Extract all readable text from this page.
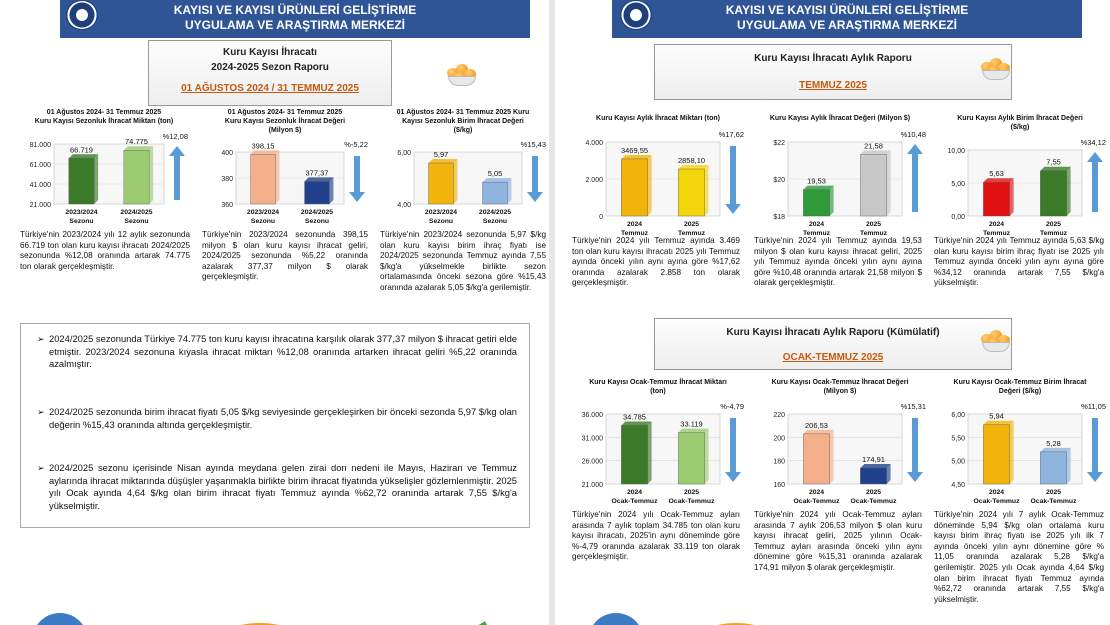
KAYISI VE KAYISI ÜRÜNLERİ GELİŞTİRME
UYGULAMA VE ARAŞTIRMA MERKEZİ
Kuru Kayısı İhracatı
2024-2025 Sezon Raporu
01 AĞUSTOS 2024 / 31 TEMMUZ 2025
01 Ağustos 2024- 31 Temmuz 2025
Kuru Kayısı Sezonluk İhracat Miktarı (ton)
81.000
61.000
41.000
21.000
66.719
2023/2024
Sezonu
74.775
2024/2025
Sezonu
%12,08
Türkiye'nin 2023/2024 yılı 12 aylık sezonunda 66.719 ton olan kuru kayısı ihracatı 2024/2025 sezonunda %12,08 oranında artarak 74.775 ton olarak gerçekleşmiştir.
01 Ağustos 2024- 31 Temmuz 2025
Kuru Kayısı Sezonluk İhracat Değeri
(Milyon $)
400
380
360
398,15
2023/2024
Sezonu
377,37
2024/2025
Sezonu
%-5,22
Türkiye'nin 2023/2024 sezonunda 398,15 milyon $ olan kuru kayısı ihracat geliri, 2024/2025 sezonunda %5,22 oranında azalarak 377,37 milyon $ olarak gerçekleşmiştir.
01 Ağustos 2024- 31 Temmuz 2025 Kuru
Kayısı Sezonluk Birim İhracat Değeri
($/kg)
6,00
4,00
5,97
2023/2024
Sezonu
5,05
2024/2025
Sezonu
%15,43
Türkiye'nin 2023/2024 sezonunda 5,97 $/kg olan kuru kayısı birim ihraç fiyatı ise 2024/2025 sezonunda Temmuz ayında 7,55 $/kg'a yükselmekle birlikte sezon ortalamasında önceki sezona göre %15,43 oranında azalarak 5,05 $/kg'a gerilemiştir.
➢ 2024/2025 sezonunda Türkiye 74.775 ton kuru kayısı ihracatına karşılık olarak 377,37 milyon $ ihracat getiri elde etmiştir. 2023/2024 sezonuna kıyasla ihracat miktarı %12,08 oranında artarken ihracat geliri %5,22 oranında azalmıştır.
➢ 2024/2025 sezonunda birim ihracat fiyatı 5,05 $/kg seviyesinde gerçekleşirken bir önceki sezonda 5,97 $/kg olan değerin %15,43 oranında altında gerçekleşmiştir.
➢ 2024/2025 sezonu içerisinde Nisan ayında meydana gelen zirai don nedeni ile Mayıs, Haziran ve Temmuz aylarında ihracat miktarında düşüşler yaşanmakla birlikte birim ihracat fiyatında yükselişler gözlemlenmiştir. 2025 yılı Ocak ayında 4,64 $/kg olan birim ihracat fiyatı Temmuz ayında %62,72 oranında artarak 7,55 $/kg'a yükselmiştir.
KAYISI VE KAYISI ÜRÜNLERİ GELİŞTİRME
UYGULAMA VE ARAŞTIRMA MERKEZİ
Kuru Kayısı İhracatı Aylık Raporu
TEMMUZ 2025
Kuru Kayısı İhracatı Aylık Raporu (Kümülatif)
OCAK-TEMMUZ 2025
Kuru Kayısı Aylık İhracat Miktarı (ton)
4.000
2.000
0
3469,55
2024
Temmuz
2858,10
2025
Temmuz
%17,62
Türkiye'nin 2024 yılı Temmuz ayında 3.469 ton olan kuru kayısı ihracatı 2025 yılı Temmuz ayında önceki yılın aynı ayına göre %17,62 oranında azalarak 2.858 ton olarak gerçekleşmiştir.
Kuru Kayısı Aylık İhracat Değeri (Milyon $)
$22
$20
$18
19,53
2024
Temmuz
21,58
2025
Temmuz
%10,48
Türkiye'nin 2024 yılı Temmuz ayında 19,53 milyon $ olan kuru kayısı ihracat geliri, 2025 yılı Temmuz ayında önceki yılın aynı ayına göre %10,48 oranında artarak 21,58 milyon $ olarak gerçekleşmiştir.
Kuru Kayısı Aylık Birim İhracat Değeri
($/kg)
10,00
5,00
0,00
5,63
2024
Temmuz
7,55
2025
Temmuz
%34,12
Türkiye'nin 2024 yılı Temmuz ayında 5,63 $/kg olan kuru kayısı birim ihraç fiyatı ise 2025 yılı Temmuz ayında önceki yılın aynı ayına göre %34,12 oranında artarak 7,55 $/kg'a yükselmiştir.
Kuru Kayısı Ocak-Temmuz İhracat Miktarı
(ton)
36.000
31.000
26.000
21.000
34.785
2024
Ocak-Temmuz
33.119
2025
Ocak-Temmuz
%-4,79
Türkiye'nin 2024 yılı Ocak-Temmuz ayları arasında 7 aylık toplam 34.785 ton olan kuru kayısı ihracatı, 2025'in aynı döneminde göre %-4,79 oranında azalarak 33.119 ton olarak gerçekleşmiştir.
Kuru Kayısı Ocak-Temmuz İhracat Değeri
(Milyon $)
220
200
180
160
206,53
2024
Ocak-Temmuz
174,91
2025
Ocak-Temmuz
%15,31
Türkiye'nin 2024 yılı Ocak-Temmuz ayları arasında 7 aylık 206,53 milyon $ olan kuru kayısı ihracat geliri, 2025 yılının Ocak-Temmuz ayları arasında önceki yılın aynı dönemine göre %15,31 oranında azalarak 174,91 milyon $ olarak gerçekleşmiştir.
Kuru Kayısı Ocak-Temmuz Birim İhracat
Değeri ($/kg)
6,00
5,50
5,00
4,50
5,94
2024
Ocak-Temmuz
5,28
2025
Ocak-Temmuz
%11,05
Türkiye'nin 2024 yılı 7 aylık Ocak-Temmuz döneminde 5,94 $/kg olan ortalama kuru kayısı birim ihraç fiyatı ise 2025 yılı ilk 7 ayında önceki yılın aynı dönemine göre % 11,05 oranında azalarak 5,28 $/kg'a gerilemiştir. 2025 yılı Ocak ayında 4,64 $/kg olan birim ihracat fiyatı Temmuz ayında %62,72 oranında artarak 7,55 $/kg'a yükselmiştir.
